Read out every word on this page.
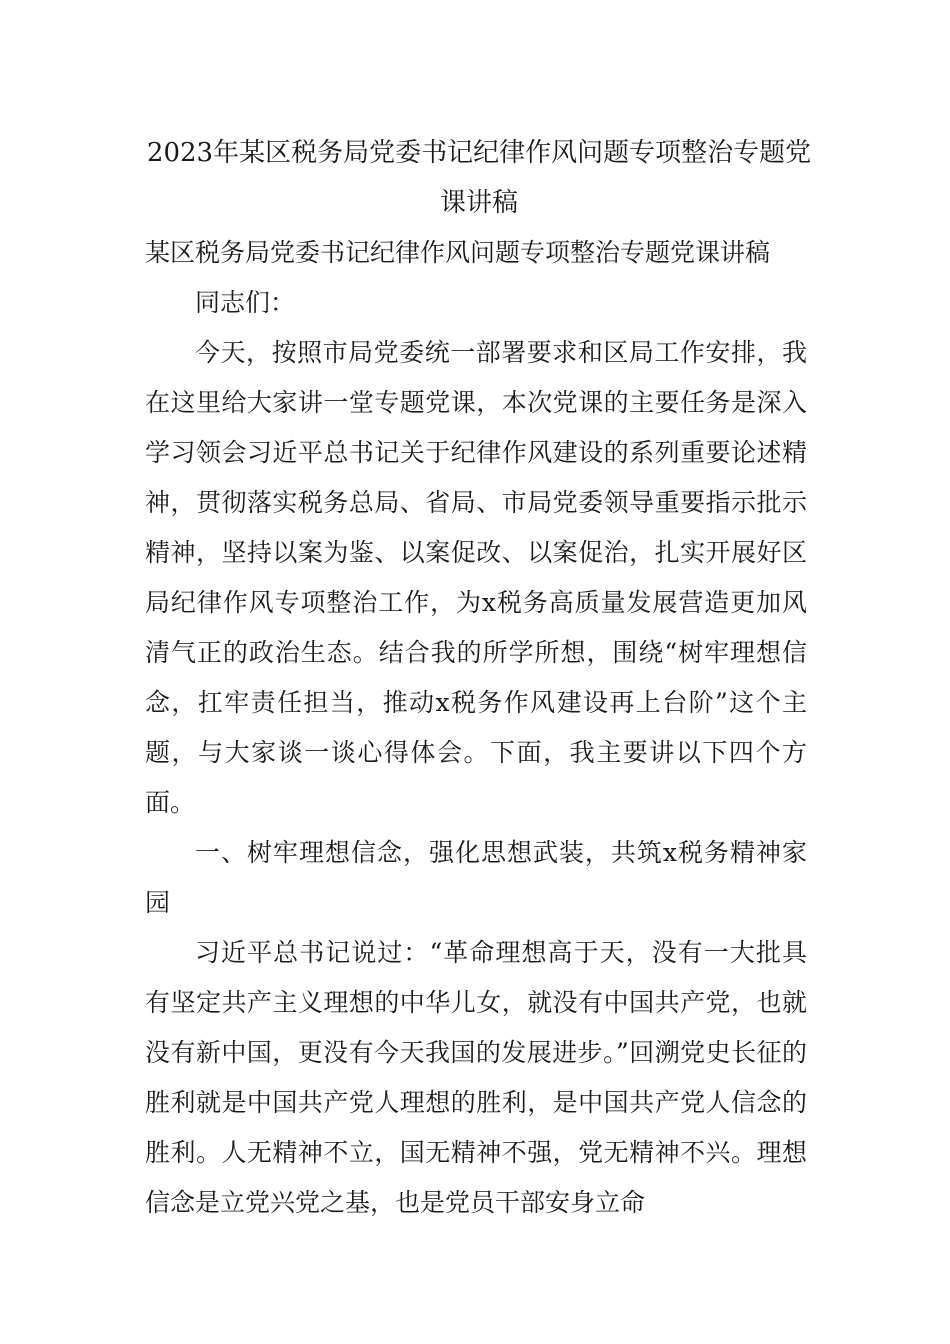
2023年某区税务局党委书记纪律作风问题专项整治专题党课讲稿

某区税务局党委书记纪律作风问题专项整治专题党课讲稿

同志们：

今天，按照市局党委统一部署要求和区局工作安排，我在这里给大家讲一堂专题党课，本次党课的主要任务是深入学习领会习近平总书记关于纪律作风建设的系列重要论述精神，贯彻落实税务总局、省局、市局党委领导重要指示批示精神，坚持以案为鉴、以案促改、以案促治，扎实开展好区局纪律作风专项整治工作，为x税务高质量发展营造更加风清气正的政治生态。结合我的所学所想，围绕“树牢理想信念，扛牢责任担当，推动x税务作风建设再上台阶”这个主题，与大家谈一谈心得体会。下面，我主要讲以下四个方面。

一、树牢理想信念，强化思想武装，共筑x税务精神家园

习近平总书记说过：“革命理想高于天，没有一大批具有坚定共产主义理想的中华儿女，就没有中国共产党，也就没有新中国，更没有今天我国的发展进步。”回溯党史长征的胜利就是中国共产党人理想的胜利，是中国共产党人信念的胜利。人无精神不立，国无精神不强，党无精神不兴。理想信念是立党兴党之基，也是党员干部安身立命
